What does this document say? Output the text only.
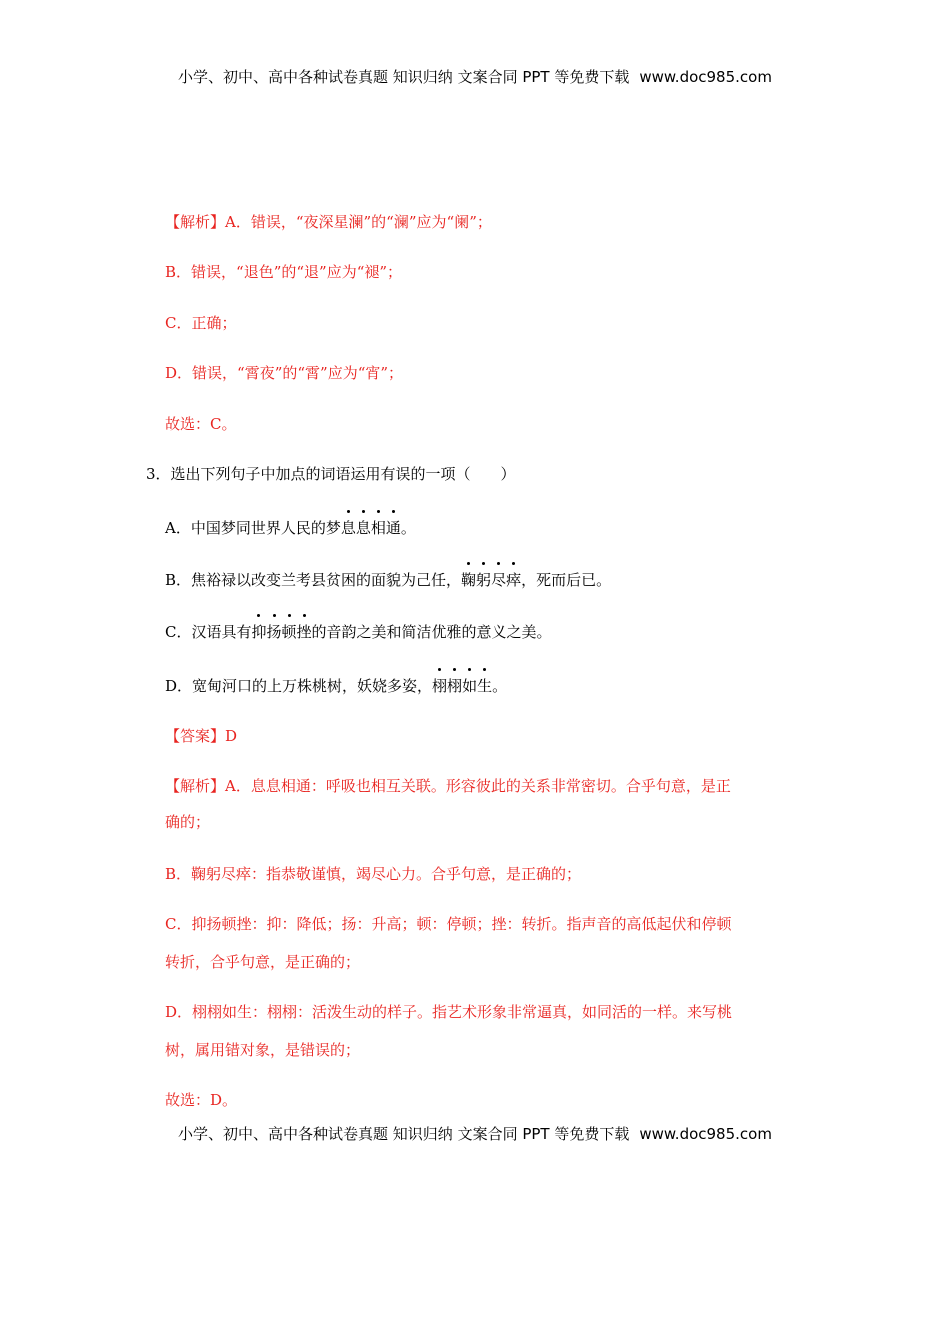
小学、初中、高中各种试卷真题 知识归纳 文案合同 PPT 等免费下载 www.doc985.com
【解析】A．错误，“夜深星澜”的“澜”应为“阑”；
B．错误，“退色”的“退”应为“褪”；
C．正确；
D．错误，“霄夜”的“霄”应为“宵”；
故选：C。
3．选出下列句子中加点的词语运用有误的一项（　　）
A．中国梦同世界人民的梦息息相通。
B．焦裕禄以改变兰考县贫困的面貌为己任，鞠躬尽瘁，死而后已。
C．汉语具有抑扬顿挫的音韵之美和简洁优雅的意义之美。
D．宽甸河口的上万株桃树，妖娆多姿，栩栩如生。
【答案】D
【解析】A．息息相通：呼吸也相互关联。形容彼此的关系非常密切。合乎句意，是正
确的；
B．鞠躬尽瘁：指恭敬谨慎，竭尽心力。合乎句意，是正确的；
C．抑扬顿挫：抑：降低；扬：升高；顿：停顿；挫：转折。指声音的高低起伏和停顿
转折，合乎句意，是正确的；
D．栩栩如生：栩栩：活泼生动的样子。指艺术形象非常逼真，如同活的一样。来写桃
树，属用错对象，是错误的；
故选：D。
小学、初中、高中各种试卷真题 知识归纳 文案合同 PPT 等免费下载 www.doc985.com
